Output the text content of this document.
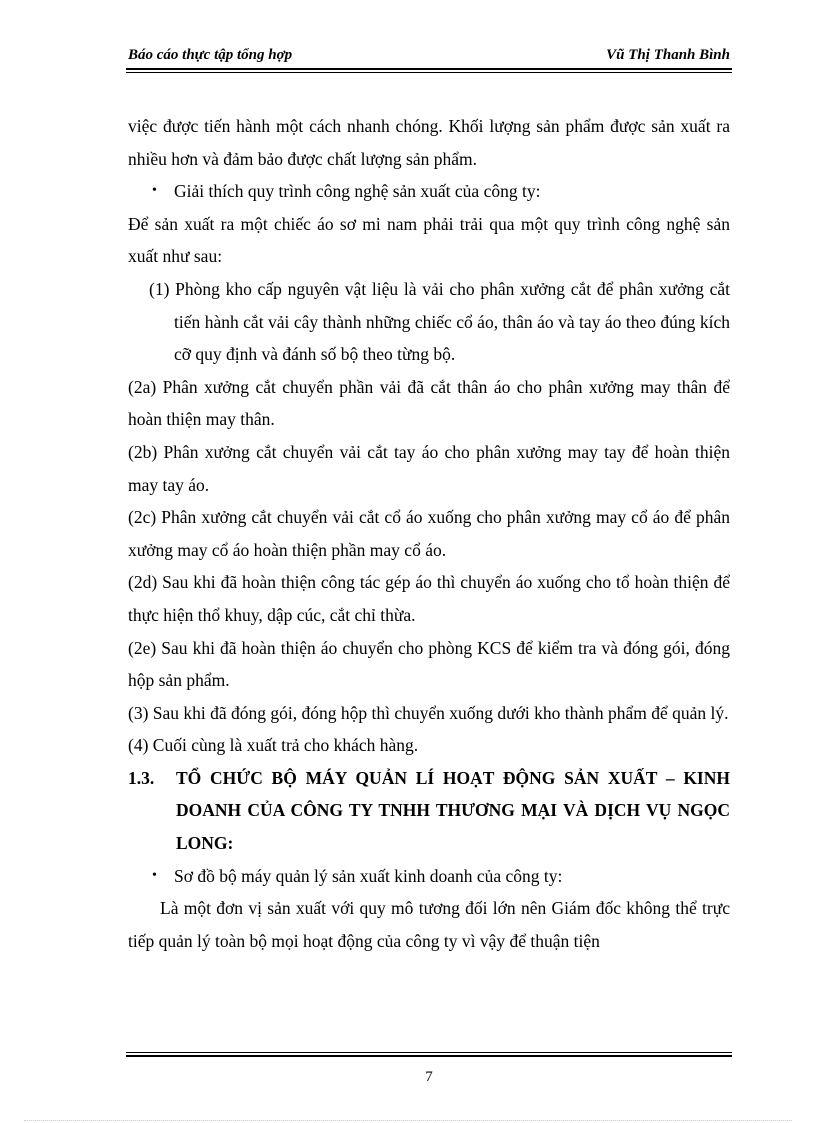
Báo cáo thực tập tổng hợp	Vũ Thị Thanh Bình

việc được tiến hành một cách nhanh chóng. Khối lượng sản phẩm được sản xuất ra nhiều hơn và đảm bảo được chất lượng sản phẩm.

• Giải thích quy trình công nghệ sản xuất của công ty:

Để sản xuất ra một chiếc áo sơ mi nam phải trải qua một quy trình công nghệ sản xuất như sau:

(1) Phòng kho cấp nguyên vật liệu là vải cho phân xưởng cắt để phân xưởng cắt tiến hành cắt vải cây thành những chiếc cổ áo, thân áo và tay áo theo đúng kích cỡ quy định và đánh số bộ theo từng bộ.

(2a) Phân xưởng cắt chuyển phần vải đã cắt thân áo cho phân xưởng may thân để hoàn thiện may thân.

(2b) Phân xưởng cắt chuyển vải cắt tay áo cho phân xưởng may tay để hoàn thiện may tay áo.

(2c) Phân xưởng cắt chuyển vải cắt cổ áo xuống cho phân xưởng may cổ áo để phân xưởng may cổ áo hoàn thiện phần may cổ áo.

(2d) Sau khi đã hoàn thiện công tác gép áo thì chuyển áo xuống cho tổ hoàn thiện để thực hiện thổ khuy, dập cúc, cắt chỉ thừa.

(2e) Sau khi đã hoàn thiện áo chuyển cho phòng KCS để kiểm tra và đóng gói, đóng hộp sản phẩm.

(3) Sau khi đã đóng gói, đóng hộp thì chuyển xuống dưới kho thành phẩm để quản lý.

(4) Cuối cùng là xuất trả cho khách hàng.

1.3. TỔ CHỨC BỘ MÁY QUẢN LÍ HOẠT ĐỘNG SẢN XUẤT – KINH DOANH CỦA CÔNG TY TNHH THƯƠNG MẠI VÀ DỊCH VỤ NGỌC LONG:

• Sơ đồ bộ máy quản lý sản xuất kinh doanh của công ty:

Là một đơn vị sản xuất với quy mô tương đối lớn nên Giám đốc không thể trực tiếp quản lý toàn bộ mọi hoạt động của công ty vì vậy để thuận tiện

7
